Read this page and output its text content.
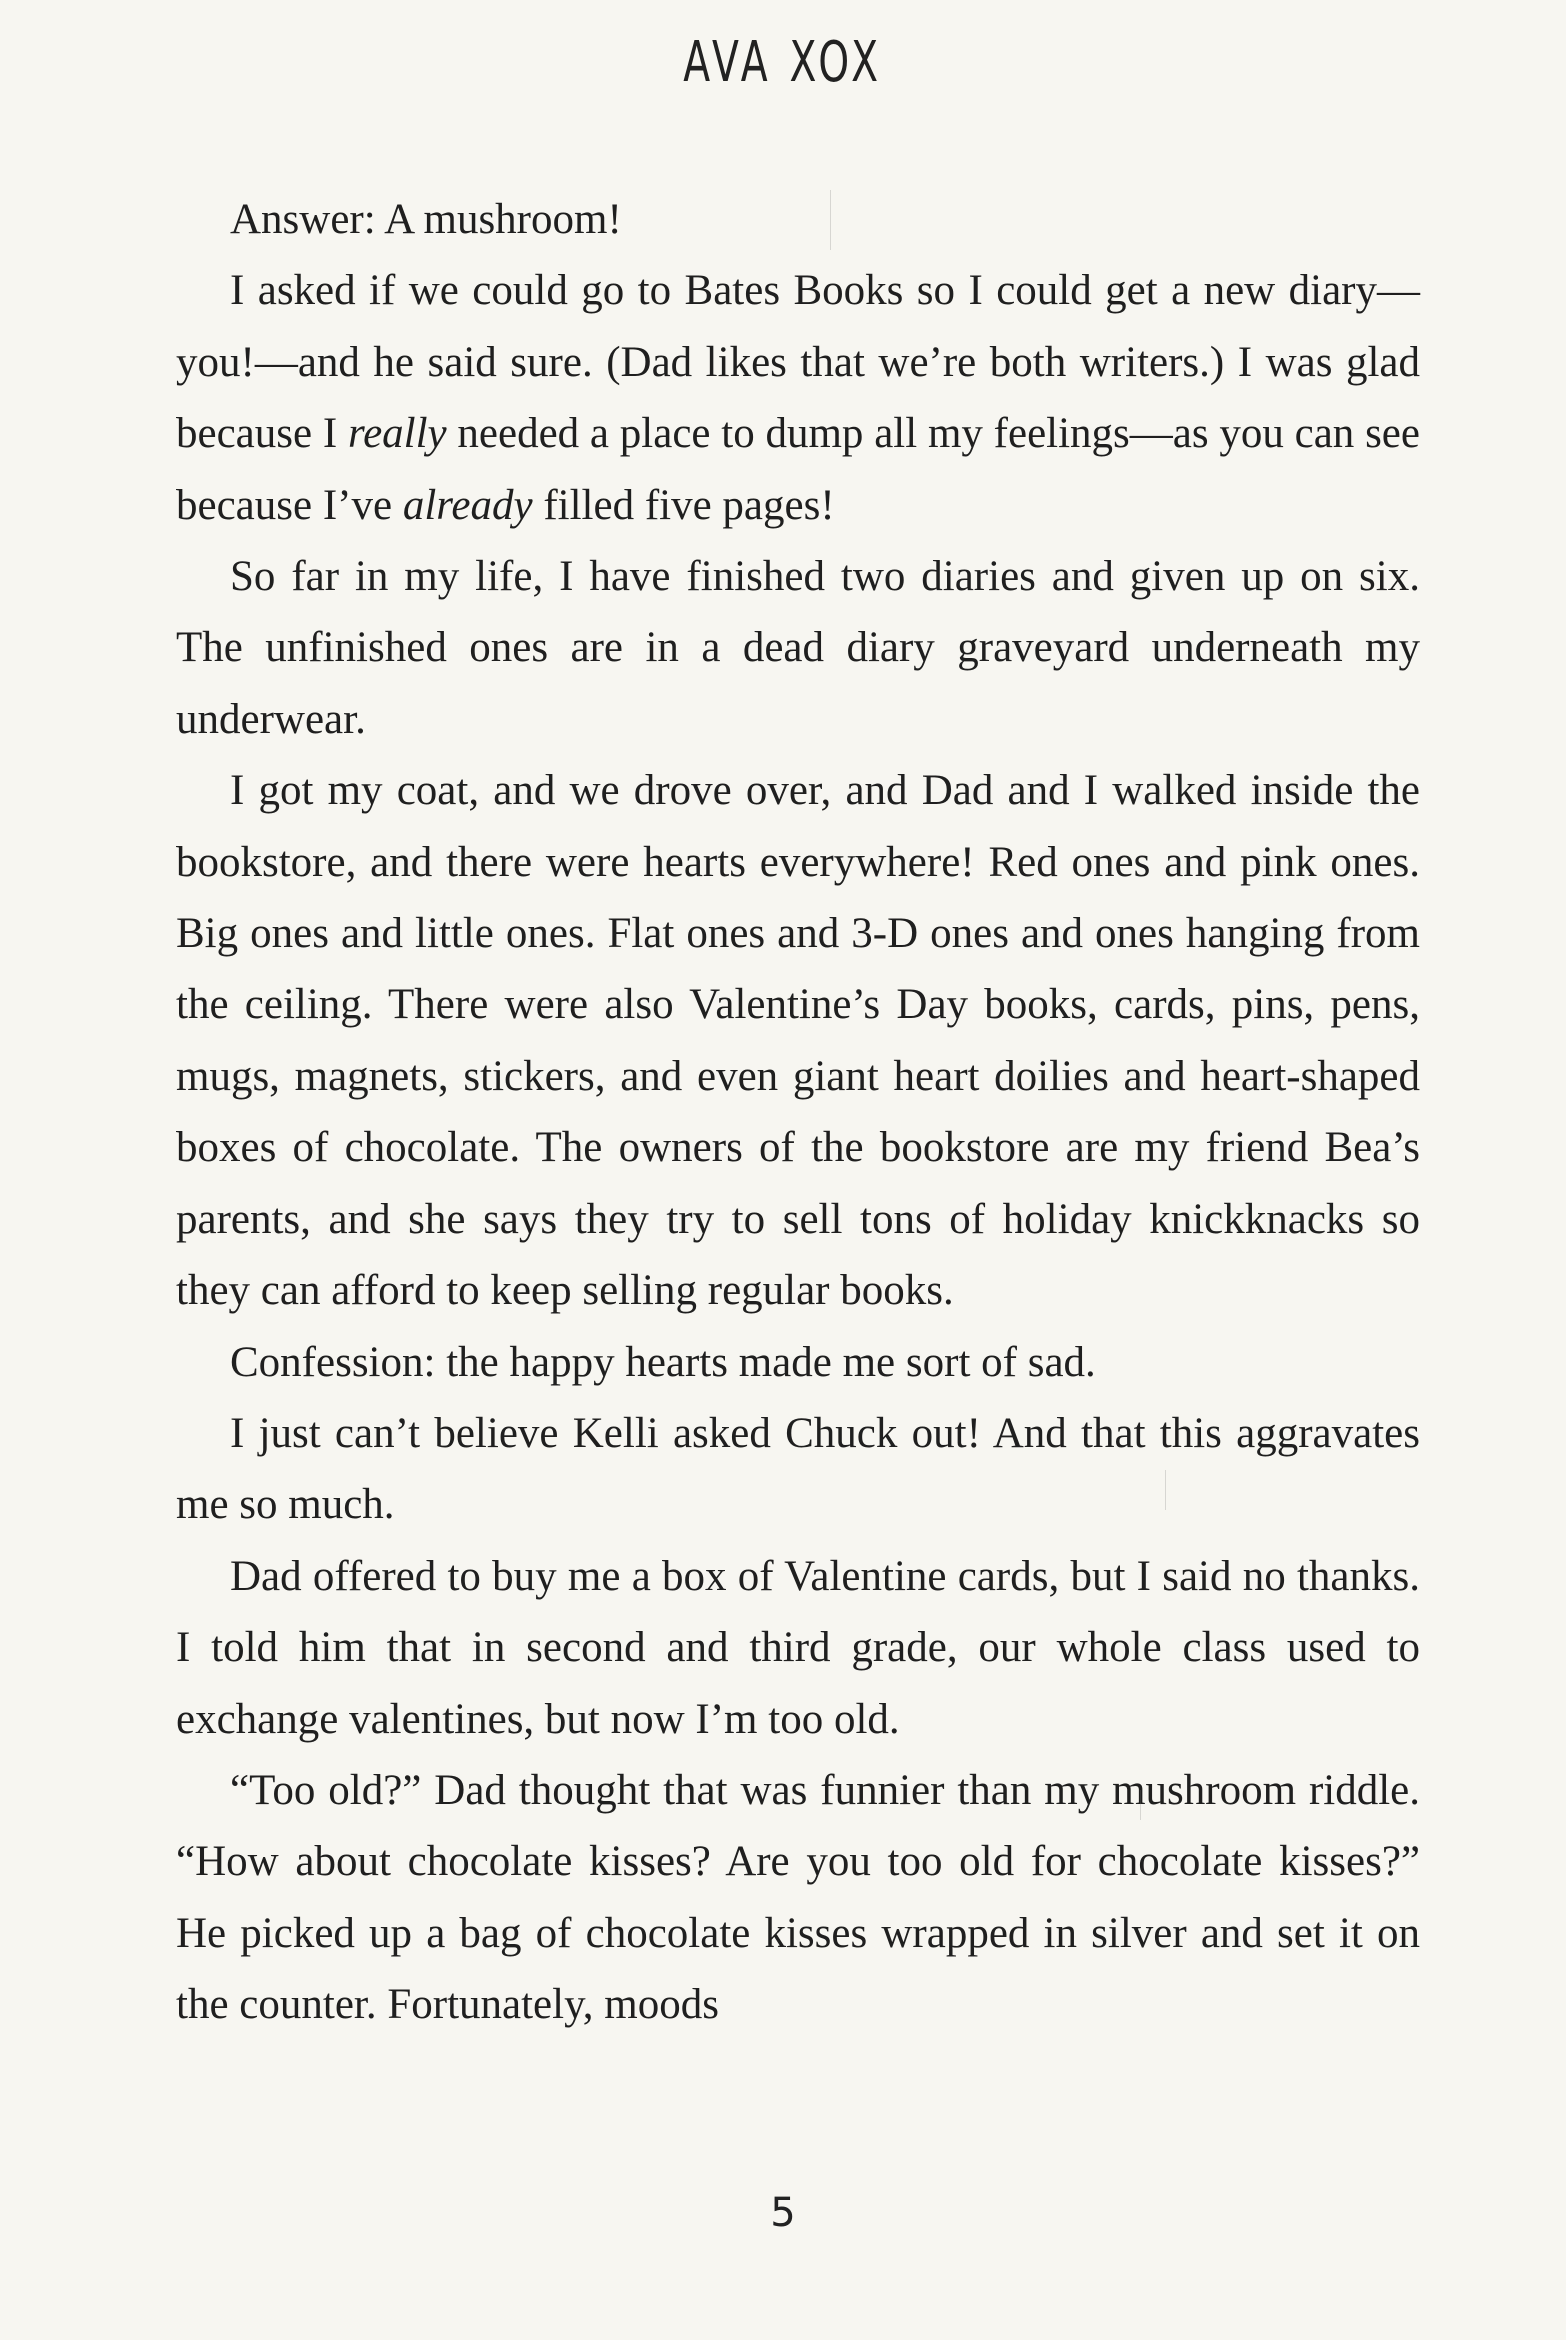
AVA XOX

Answer: A mushroom!

I asked if we could go to Bates Books so I could get a new diary—you!—and he said sure. (Dad likes that we’re both writers.) I was glad because I really needed a place to dump all my feelings—as you can see because I’ve already filled five pages!

So far in my life, I have finished two diaries and given up on six. The unfinished ones are in a dead diary graveyard underneath my underwear.

I got my coat, and we drove over, and Dad and I walked inside the bookstore, and there were hearts everywhere! Red ones and pink ones. Big ones and little ones. Flat ones and 3-D ones and ones hanging from the ceiling. There were also Valentine’s Day books, cards, pins, pens, mugs, magnets, stickers, and even giant heart doilies and heart-shaped boxes of chocolate. The owners of the bookstore are my friend Bea’s parents, and she says they try to sell tons of holiday knickknacks so they can afford to keep selling regular books.

Confession: the happy hearts made me sort of sad.

I just can’t believe Kelli asked Chuck out! And that this aggravates me so much.

Dad offered to buy me a box of Valentine cards, but I said no thanks. I told him that in second and third grade, our whole class used to exchange valentines, but now I’m too old.

“Too old?” Dad thought that was funnier than my mushroom riddle. “How about chocolate kisses? Are you too old for chocolate kisses?” He picked up a bag of chocolate kisses wrapped in silver and set it on the counter. Fortunately, moods

5
